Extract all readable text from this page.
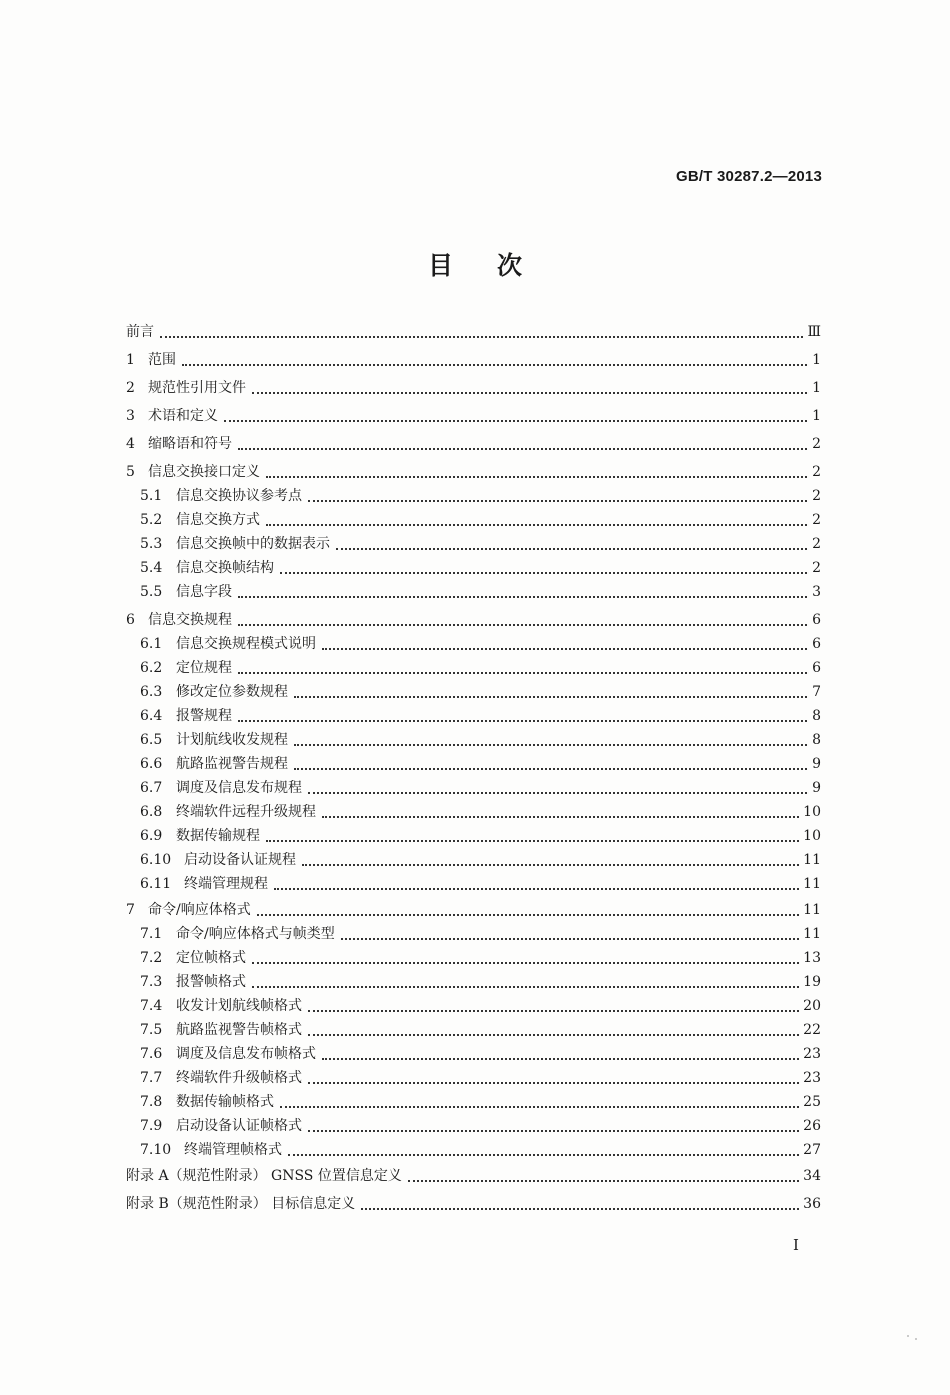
GB/T 30287.2—2013
目次
前言	Ⅲ
1 范围	1
2 规范性引用文件	1
3 术语和定义	1
4 缩略语和符号	2
5 信息交换接口定义	2
5.1 信息交换协议参考点	2
5.2 信息交换方式	2
5.3 信息交换帧中的数据表示	2
5.4 信息交换帧结构	2
5.5 信息字段	3
6 信息交换规程	6
6.1 信息交换规程模式说明	6
6.2 定位规程	6
6.3 修改定位参数规程	7
6.4 报警规程	8
6.5 计划航线收发规程	8
6.6 航路监视警告规程	9
6.7 调度及信息发布规程	9
6.8 终端软件远程升级规程	10
6.9 数据传输规程	10
6.10 启动设备认证规程	11
6.11 终端管理规程	11
7 命令/响应体格式	11
7.1 命令/响应体格式与帧类型	11
7.2 定位帧格式	13
7.3 报警帧格式	19
7.4 收发计划航线帧格式	20
7.5 航路监视警告帧格式	22
7.6 调度及信息发布帧格式	23
7.7 终端软件升级帧格式	23
7.8 数据传输帧格式	25
7.9 启动设备认证帧格式	26
7.10 终端管理帧格式	27
附录 A（规范性附录） GNSS 位置信息定义	34
附录 B（规范性附录） 目标信息定义	36
I
